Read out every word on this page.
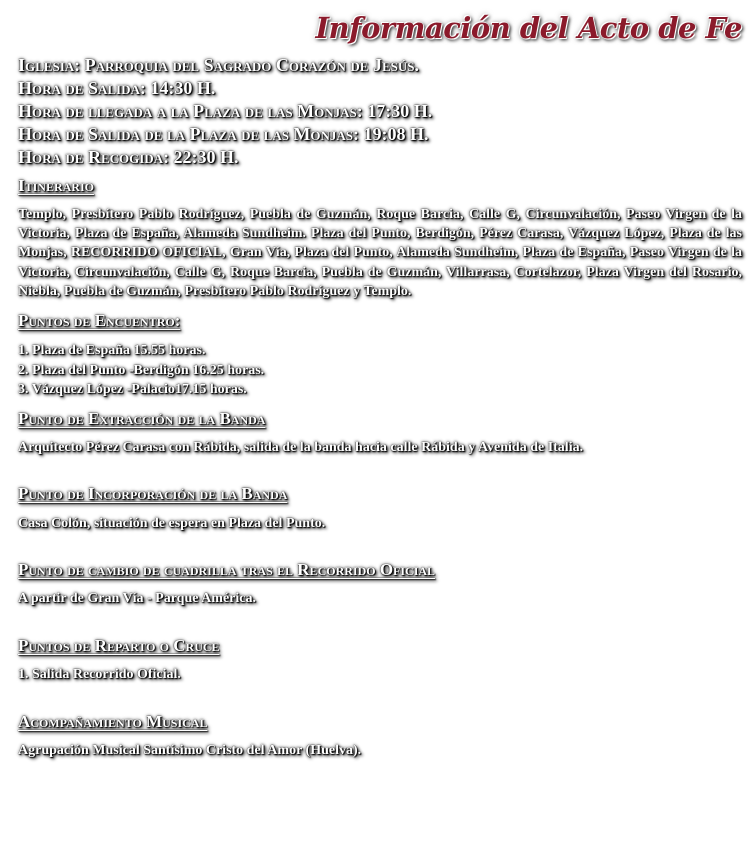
Información del Acto de Fe
Iglesia: Parroquia del Sagrado Corazón de Jesús.
Hora de Salida: 14:30 H.
Hora de llegada a la Plaza de las Monjas: 17:30 H.
Hora de Salida de la Plaza de las Monjas: 19:08 H.
Hora de Recogida: 22:30 H.
Itinerario
Templo, Presbítero Pablo Rodríguez, Puebla de Guzmán, Roque Barcia, Calle G, Circunvalación, Paseo Virgen de la Victoria, Plaza de España, Alameda Sundheim. Plaza del Punto, Berdigón, Pérez Carasa, Vázquez López, Plaza de las Monjas, RECORRIDO OFICIAL, Gran Vía, Plaza del Punto, Alameda Sundheim, Plaza de España, Paseo Virgen de la Victoria, Circunvalación, Calle G, Roque Barcia, Puebla de Guzmán, Villarrasa, Cortelazor, Plaza Virgen del Rosario, Niebla, Puebla de Guzmán, Presbítero Pablo Rodríguez y Templo.
Puntos de Encuentro:
1. Plaza de España 15.55 horas.
2. Plaza del Punto -Berdigón 16.25 horas.
3. Vázquez López -Palacio17.15 horas.
Punto de Extracción de la Banda
Arquitecto Pérez Carasa con Rábida, salida de la banda hacia calle Rábida y Avenida de Italia.
Punto de Incorporación de la Banda
Casa Colón, situación de espera en Plaza del Punto.
Punto de cambio de cuadrilla tras el Recorrido Oficial
A partir de Gran Vía - Parque América.
Puntos de Reparto o Cruce
1. Salida Recorrido Oficial.
Acompañamiento Musical
Agrupación Musical Santísimo Cristo del Amor (Huelva).
